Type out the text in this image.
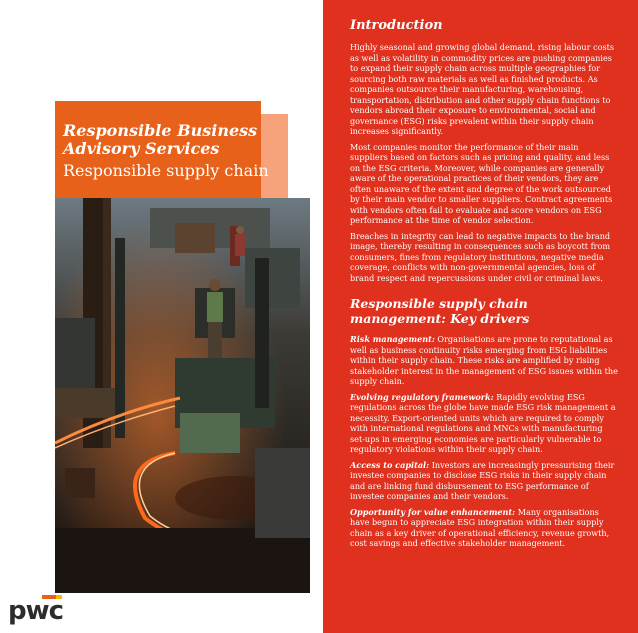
Responsible Business Advisory Services
Responsible supply chain
pwc
Introduction

Highly seasonal and growing global demand, rising labour costs as well as volatility in commodity prices are pushing companies to expand their supply chain across multiple geographies for sourcing both raw materials as well as finished products. As companies outsource their manufacturing, warehousing, transportation, distribution and other supply chain functions to vendors abroad their exposure to environmental, social and governance (ESG) risks prevalent within their supply chain increases significantly.

Most companies monitor the performance of their main suppliers based on factors such as pricing and quality, and less on the ESG criteria. Moreover, while companies are generally aware of the operational practices of their vendors, they are often unaware of the extent and degree of the work outsourced by their main vendor to smaller suppliers. Contract agreements with vendors often fail to evaluate and score vendors on ESG performance at the time of vendor selection.

Breaches in integrity can lead to negative impacts to the brand image, thereby resulting in consequences such as boycott from consumers, fines from regulatory institutions, negative media coverage, conflicts with non-governmental agencies, loss of brand respect and repercussions under civil or criminal laws.

Responsible supply chain management: Key drivers

Risk management: Organisations are prone to reputational as well as business continuity risks emerging from ESG liabilities within their supply chain. These risks are amplified by rising stakeholder interest in the management of ESG issues within the supply chain.

Evolving regulatory framework: Rapidly evolving ESG regulations across the globe have made ESG risk management a necessity. Export-oriented units which are required to comply with international regulations and MNCs with manufacturing set-ups in emerging economies are particularly vulnerable to regulatory violations within their supply chain.

Access to capital: Investors are increasingly pressurising their investee companies to disclose ESG risks in their supply chain and are linking fund disbursement to ESG performance of investee companies and their vendors.

Opportunity for value enhancement: Many organisations have begun to appreciate ESG integration within their supply chain as a key driver of operational efficiency, revenue growth, cost savings and effective stakeholder management.
